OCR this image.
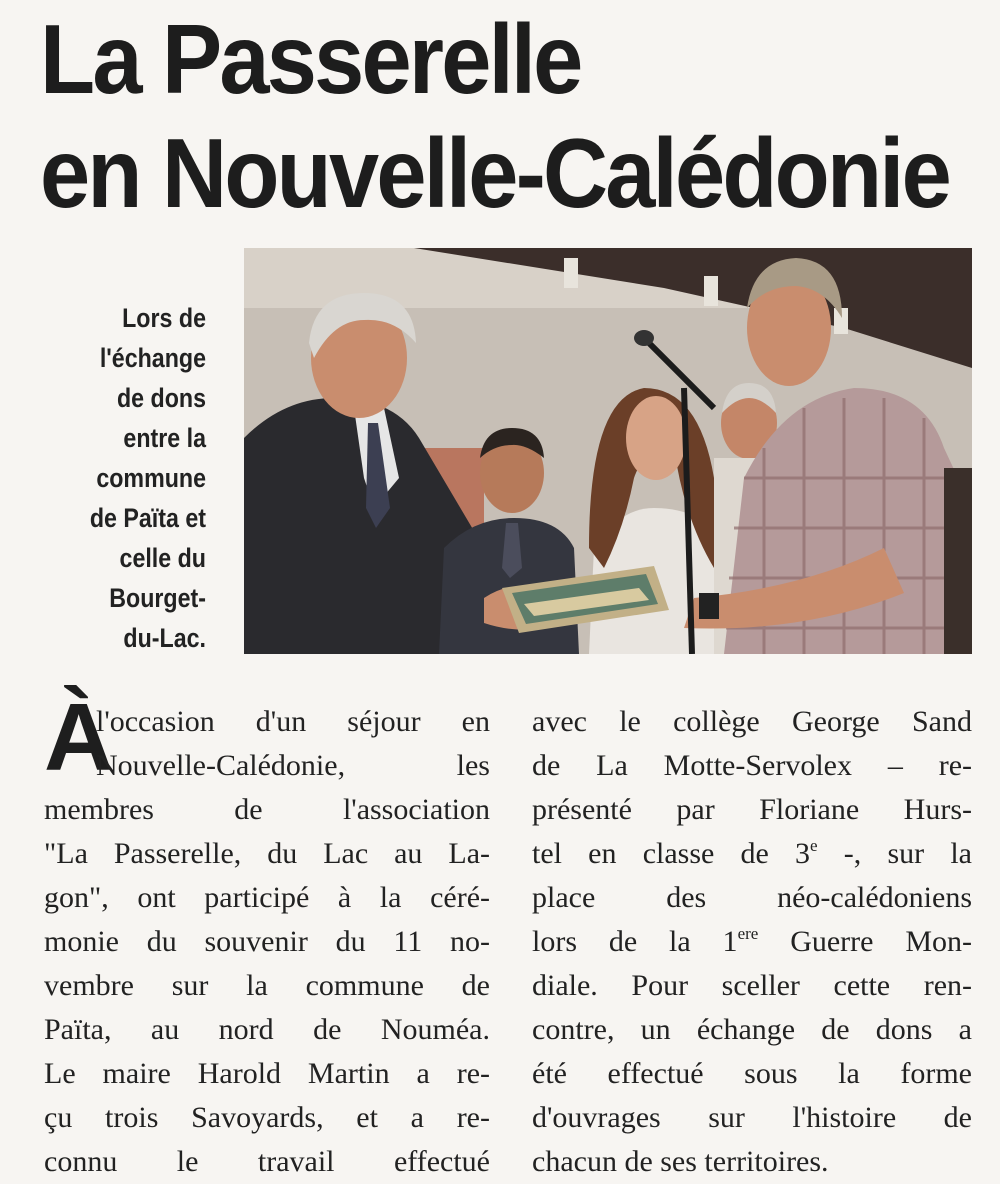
La Passerelle
en Nouvelle-Calédonie
Lors de
l'échange
de dons
entre la
commune
de Païta et
celle du
Bourget-
du-Lac.
À
l'occasion d'un séjour en
Nouvelle-Calédonie, les
membres de l'association
"La Passerelle, du Lac au La-
gon", ont participé à la céré-
monie du souvenir du 11 no-
vembre sur la commune de
Païta, au nord de Nouméa.
Le maire Harold Martin a re-
çu trois Savoyards, et a re-
connu le travail effectué
avec le collège George Sand
de La Motte-Servolex – re-
présenté par Floriane Hurs-
tel en classe de 3e -, sur la
place des néo-calédoniens
lors de la 1ere Guerre Mon-
diale. Pour sceller cette ren-
contre, un échange de dons a
été effectué sous la forme
d'ouvrages sur l'histoire de
chacun de ses territoires.
